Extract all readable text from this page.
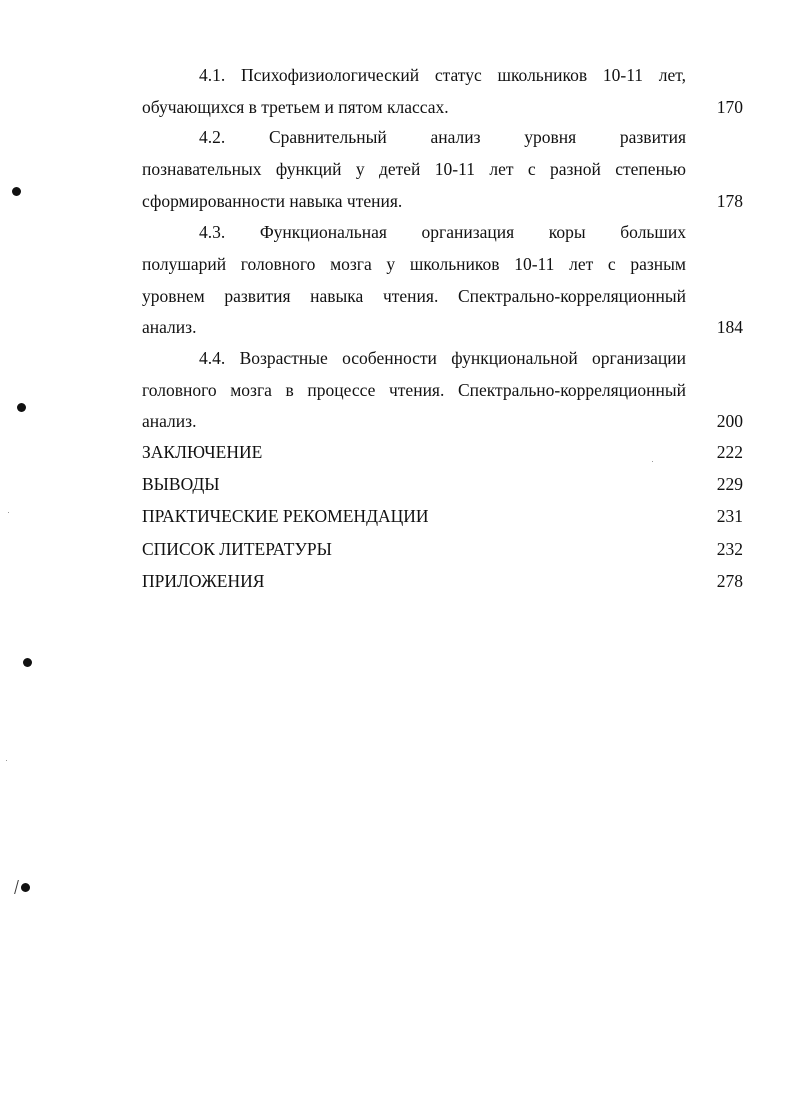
4.1. Психофизиологический статус школьников 10-11 лет,
обучающихся в третьем и пятом классах.	170
4.2. Сравнительный анализ уровня развития
познавательных функций у детей 10-11 лет с разной степенью
сформированности навыка чтения.	178
4.3. Функциональная организация коры больших
полушарий головного мозга у школьников 10-11 лет с разным
уровнем развития навыка чтения. Спектрально-корреляционный
анализ.	184
4.4. Возрастные особенности функциональной организации
головного мозга в процессе чтения. Спектрально-корреляционный
анализ.	200
ЗАКЛЮЧЕНИЕ	222
ВЫВОДЫ	229
ПРАКТИЧЕСКИЕ РЕКОМЕНДАЦИИ	231
СПИСОК ЛИТЕРАТУРЫ	232
ПРИЛОЖЕНИЯ	278
